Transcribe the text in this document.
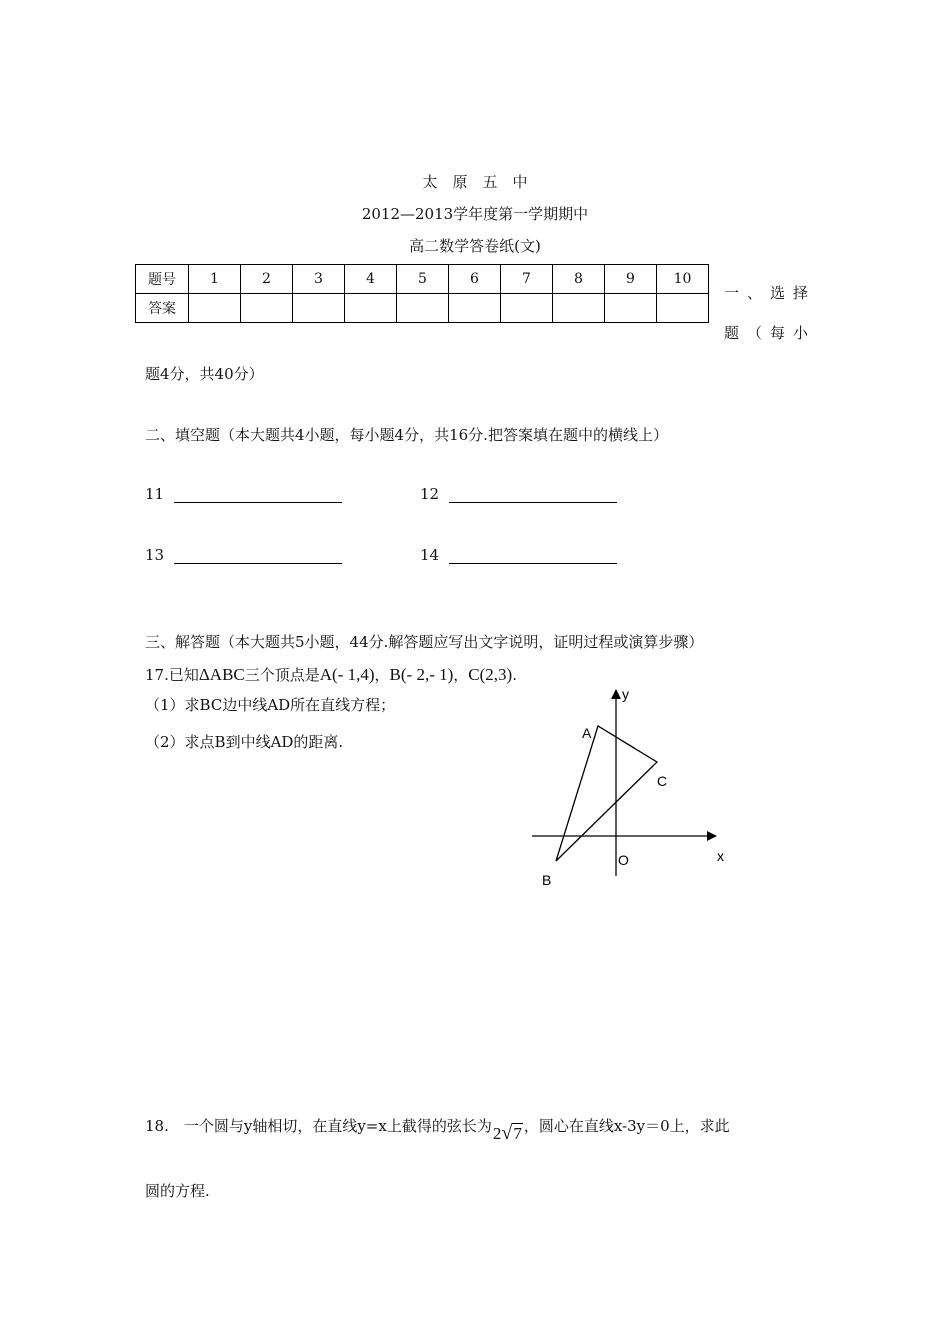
太　原　五　中
2012—2013学年度第一学期期中
高二数学答卷纸(文)
题号	1	2	3	4	5	6	7	8	9	10
答案										
一、选择
题（每小
题4分，共40分）
二、填空题（本大题共4小题，每小题4分，共16分.把答案填在题中的横线上）
11	12
13	14
三、解答题（本大题共5小题，44分.解答题应写出文字说明，证明过程或演算步骤）
17.已知ΔABC三个顶点是A(- 1,4)，B(- 2,- 1)，C(2,3).
（1）求BC边中线AD所在直线方程；
（2）求点B到中线AD的距离.	A
B
C
O	x
y
18.　一个圆与y轴相切，在直线y=x上截得的弦长为2√7 ，圆心在直线x-3y＝0上，求此
圆的方程.
